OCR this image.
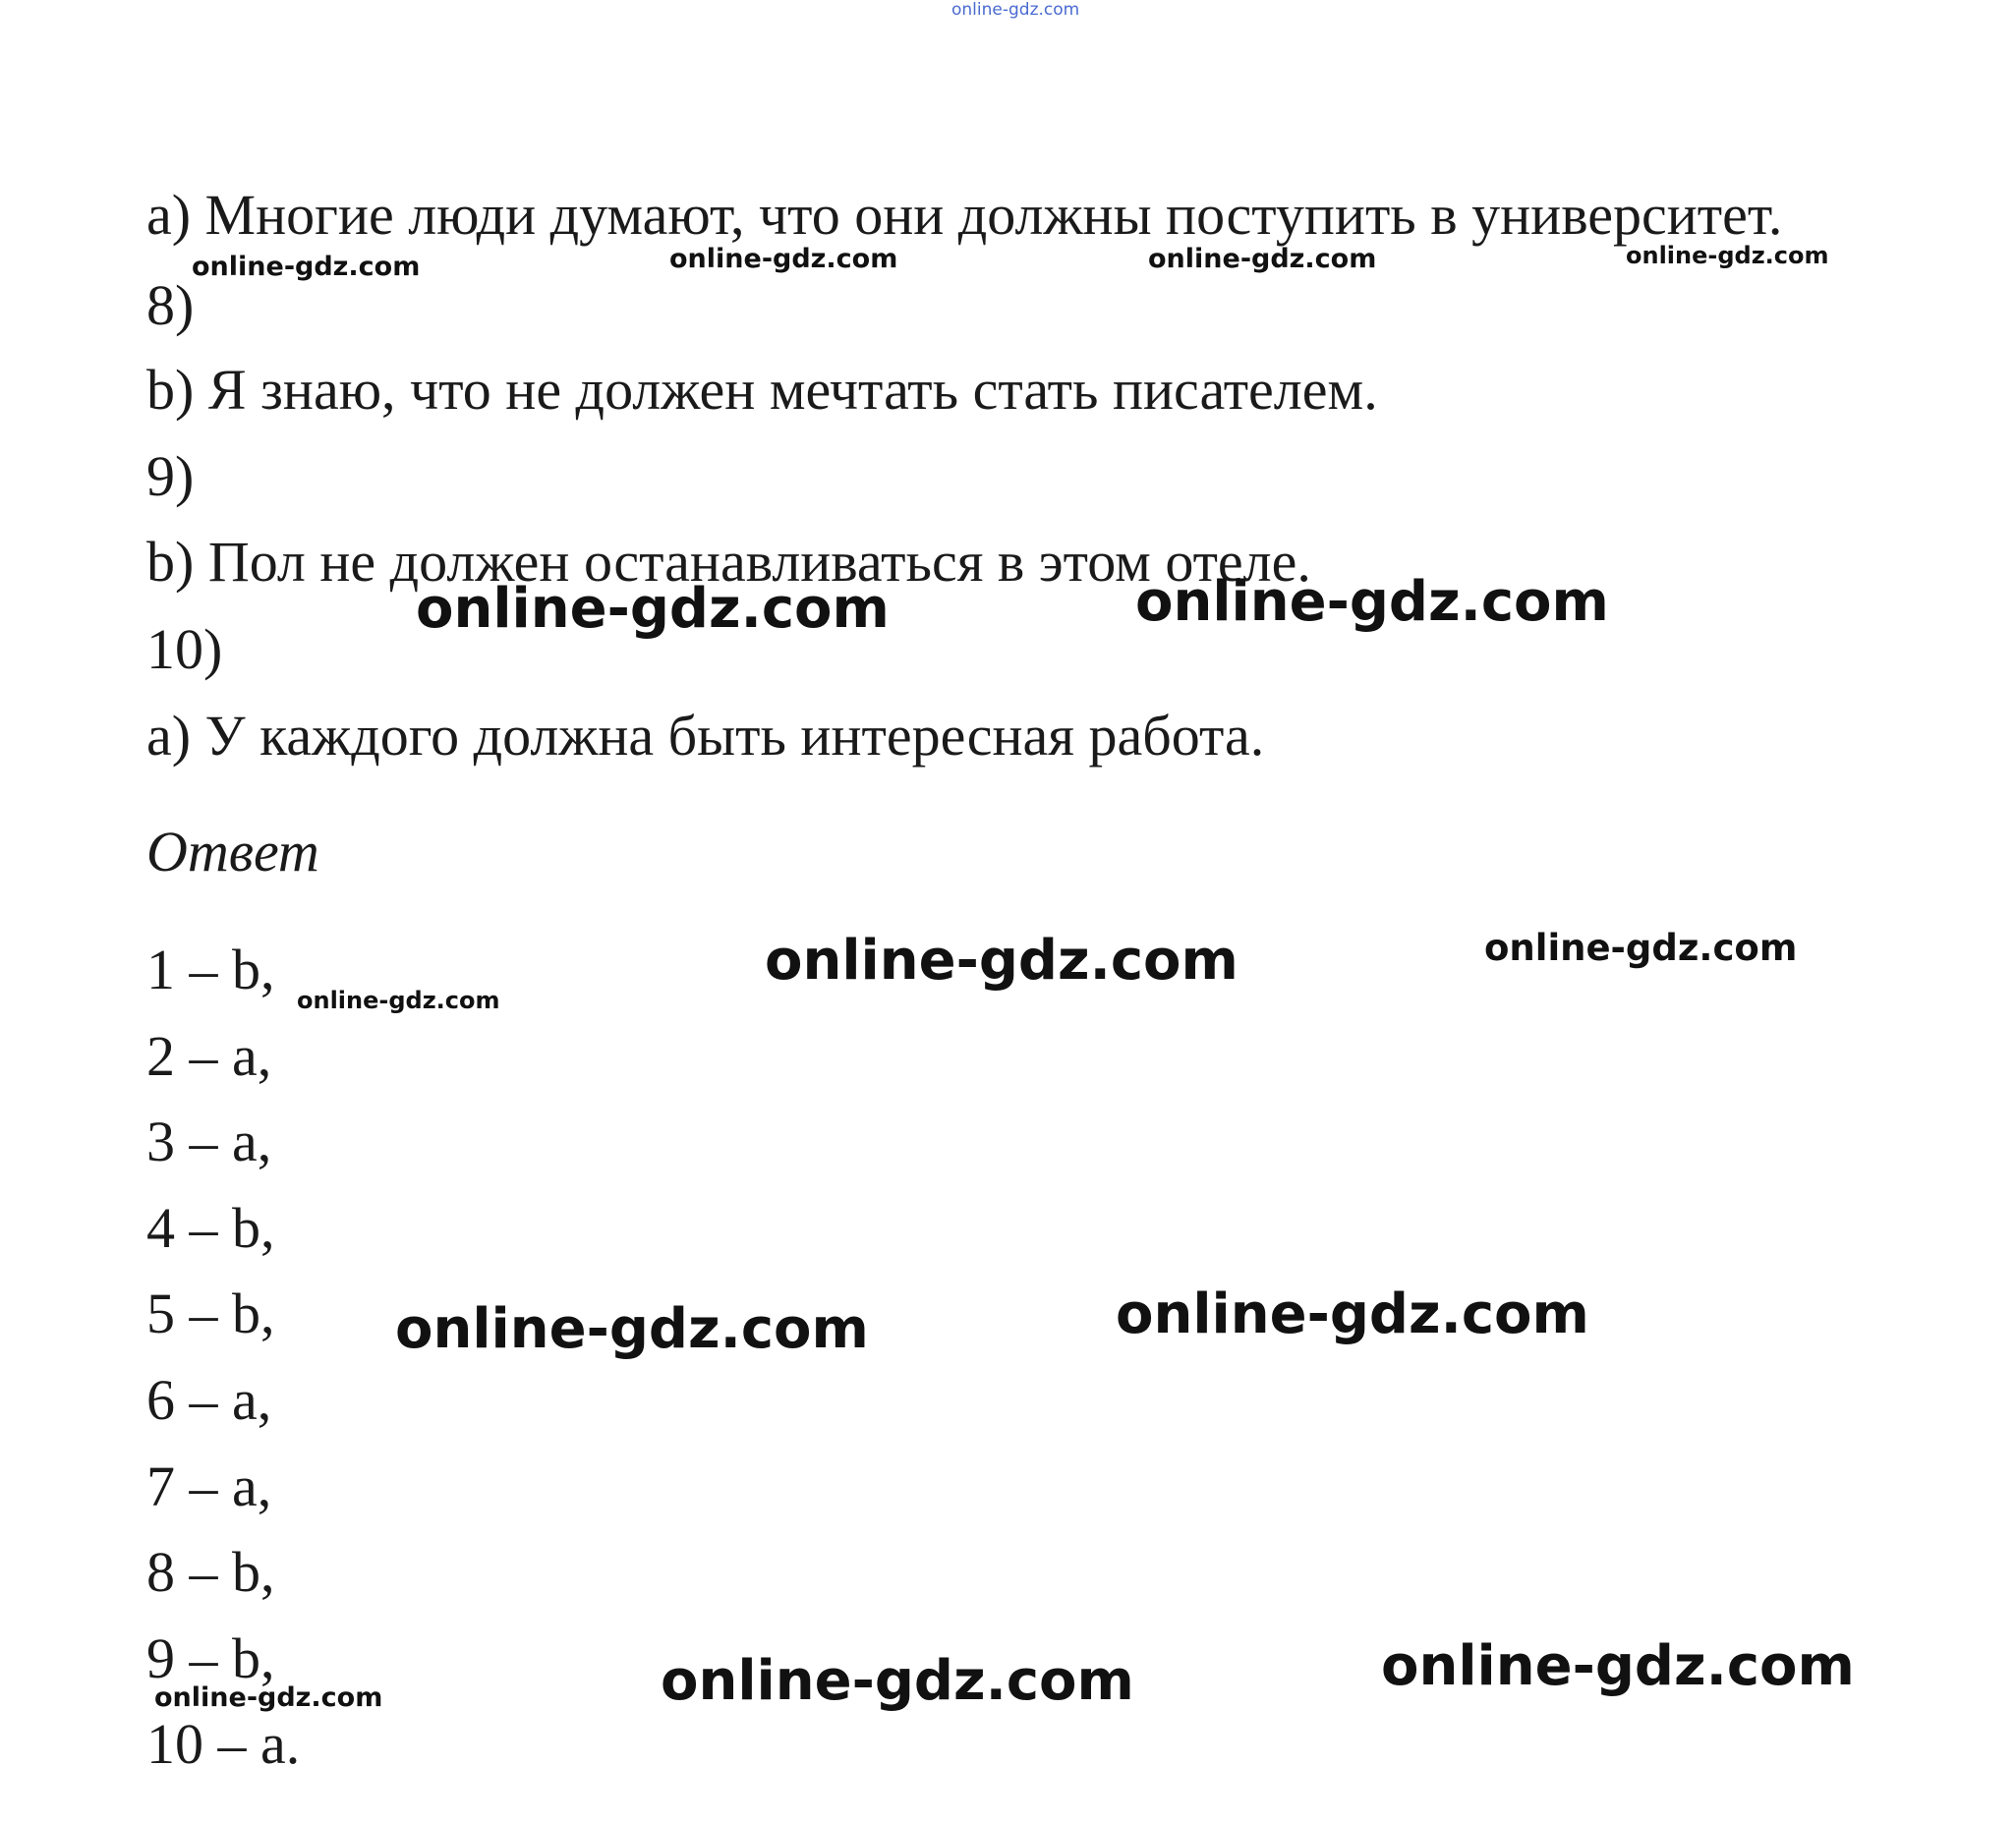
a) Многие люди думают, что они должны поступить в университет.
8)
b) Я знаю, что не должен мечтать стать писателем.
9)
b) Пол не должен останавливаться в этом отеле.
10)
a) У каждого должна быть интересная работа.
Ответ
1 – b,
2 – a,
3 – a,
4 – b,
5 – b,
6 – a,
7 – a,
8 – b,
9 – b,
10 – a.
online-gdz.com
online-gdz.com	online-gdz.com	online-gdz.com	online-gdz.com
online-gdz.com	online-gdz.com
online-gdz.com	online-gdz.com
online-gdz.com
online-gdz.com	online-gdz.com
online-gdz.com	online-gdz.com
online-gdz.com
